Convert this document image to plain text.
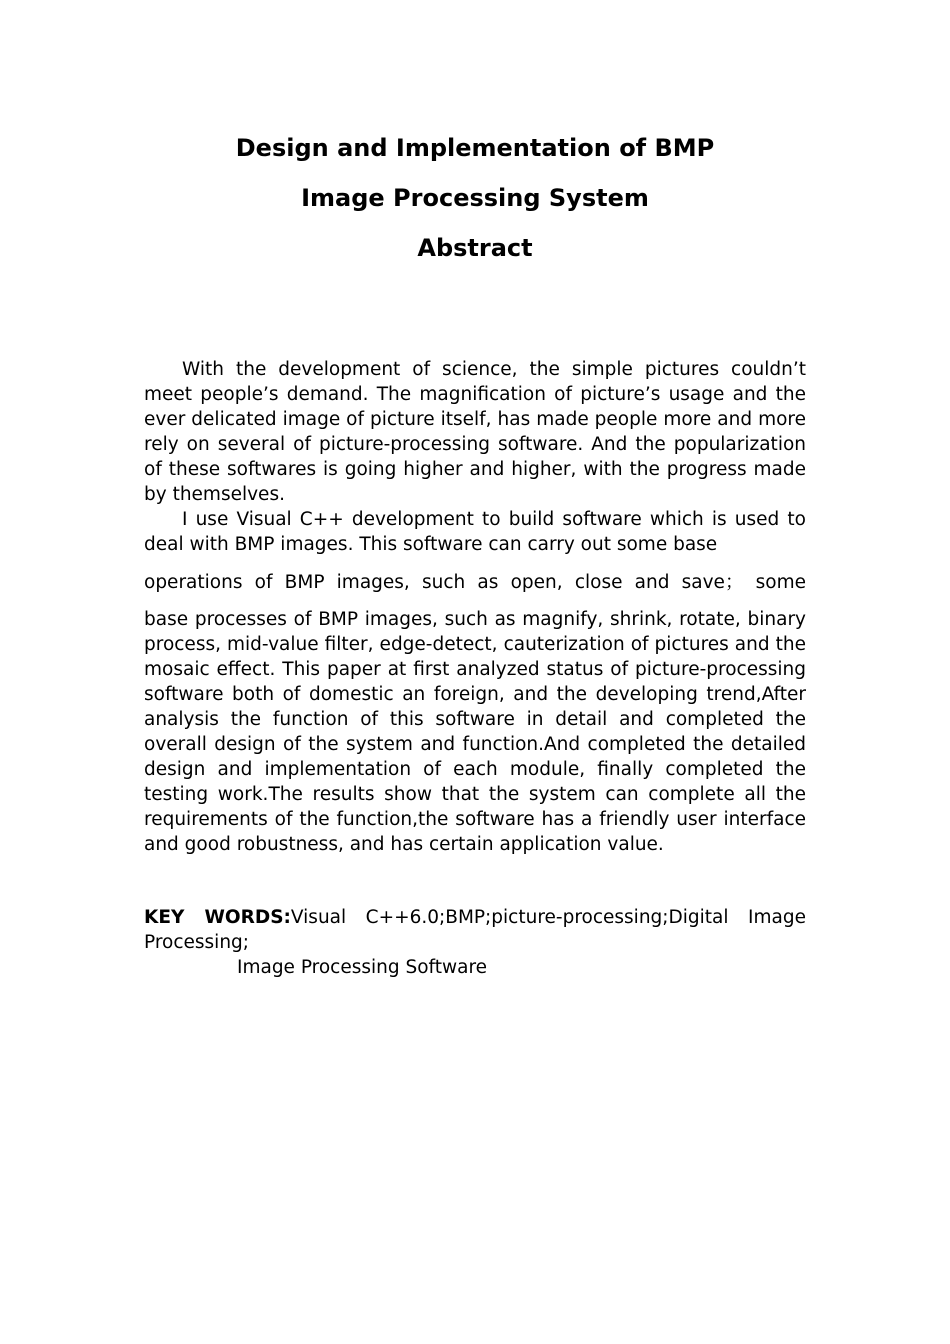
Design and Implementation of BMP
Image Processing System
Abstract

With the development of science, the simple pictures couldn’t meet people’s demand. The magnification of picture’s usage and the ever delicated image of picture itself, has made people more and more rely on several of picture-processing software. And the popularization of these softwares is going higher and higher, with the progress made by themselves.

I use Visual C++ development to build software which is used to deal with BMP images. This software can carry out some base

operations of BMP images, such as open, close and save； some

base processes of BMP images, such as magnify, shrink, rotate, binary process, mid-value filter, edge-detect, cauterization of pictures and the mosaic effect. This paper at first analyzed status of picture-processing software both of domestic an foreign, and the developing trend,After analysis the function of this software in detail and completed the overall design of the system and function.And completed the detailed design and implementation of each module, finally completed the testing work.The results show that the system can complete all the requirements of the function,the software has a friendly user interface and good robustness, and has certain application value.

KEY WORDS:Visual C++6.0;BMP;picture-processing;Digital Image Processing;

Image Processing Software
